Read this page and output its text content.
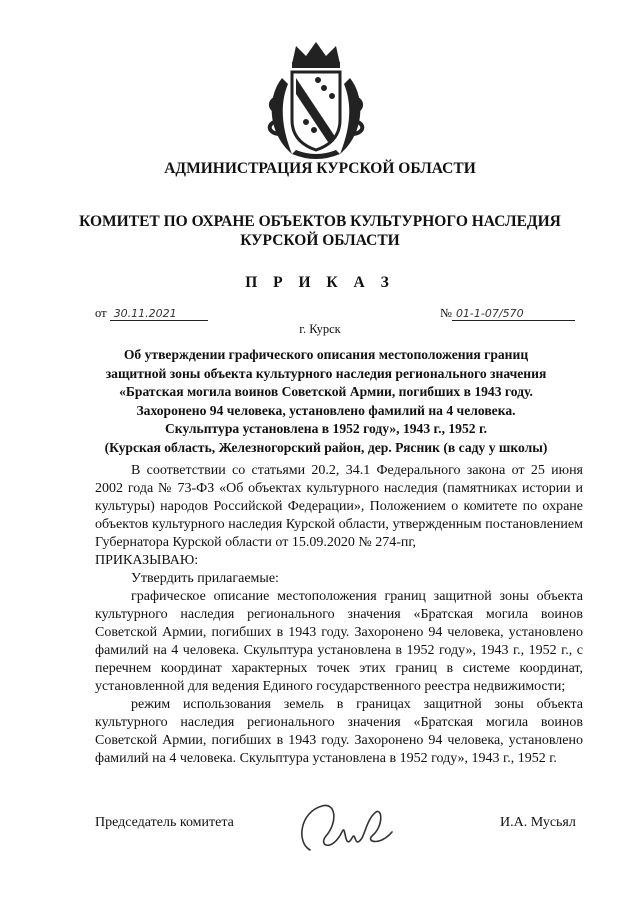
АДМИНИСТРАЦИЯ КУРСКОЙ ОБЛАСТИ
КОМИТЕТ ПО ОХРАНЕ ОБЪЕКТОВ КУЛЬТУРНОГО НАСЛЕДИЯ
КУРСКОЙ ОБЛАСТИ
П Р И К А З
от 30.11.2021	№ 01-1-07/570
г. Курск
Об утверждении графического описания местоположения границ
защитной зоны объекта культурного наследия регионального значения
«Братская могила воинов Советской Армии, погибших в 1943 году.
Захоронено 94 человека, установлено фамилий на 4 человека.
Скульптура установлена в 1952 году», 1943 г., 1952 г.
(Курская область, Железногорский район, дер. Рясник (в саду у школы)

В соответствии со статьями 20.2, 34.1 Федерального закона от 25 июня 2002 года № 73-ФЗ «Об объектах культурного наследия (памятниках истории и культуры) народов Российской Федерации», Положением о комитете по охране объектов культурного наследия Курской области, утвержденным постановлением Губернатора Курской области от 15.09.2020 № 274-пг,

ПРИКАЗЫВАЮ:

Утвердить прилагаемые:

графическое описание местоположения границ защитной зоны объекта культурного наследия регионального значения «Братская могила воинов Советской Армии, погибших в 1943 году. Захоронено 94 человека, установлено фамилий на 4 человека. Скульптура установлена в 1952 году», 1943 г., 1952 г., с перечнем координат характерных точек этих границ в системе координат, установленной для ведения Единого государственного реестра недвижимости;

режим использования земель в границах защитной зоны объекта культурного наследия регионального значения «Братская могила воинов Советской Армии, погибших в 1943 году. Захоронено 94 человека, установлено фамилий на 4 человека. Скульптура установлена в 1952 году», 1943 г., 1952 г.

Председатель комитета	И.А. Мусьял
